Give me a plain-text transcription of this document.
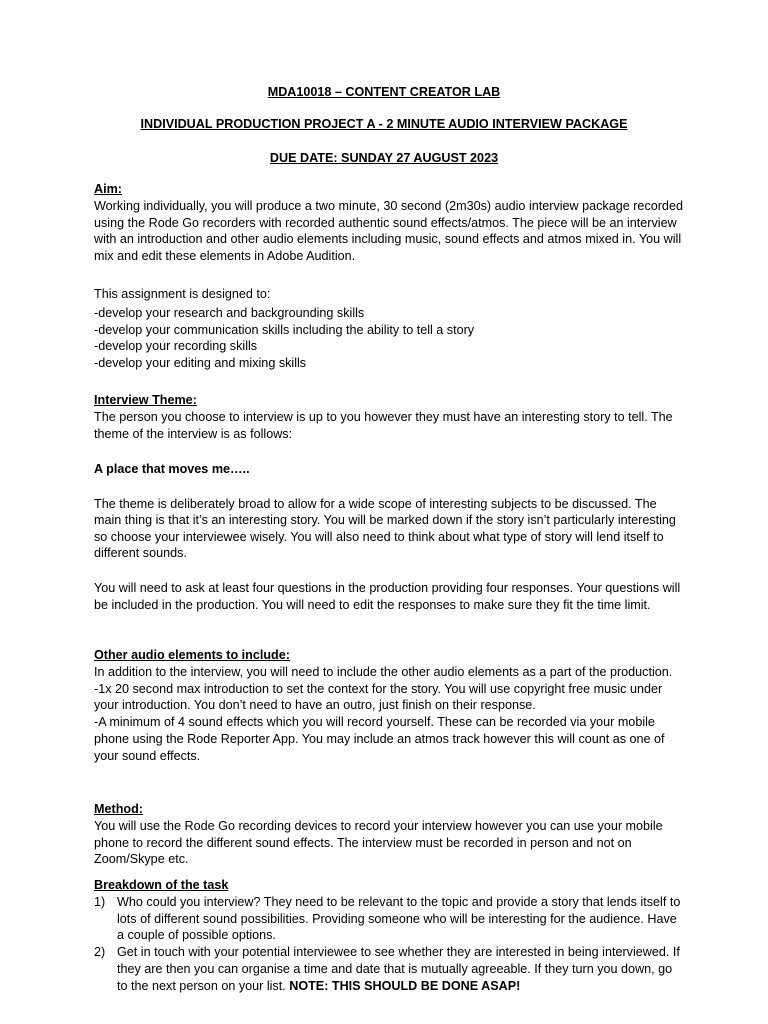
MDA10018 – CONTENT CREATOR LAB

INDIVIDUAL PRODUCTION PROJECT A - 2 MINUTE AUDIO INTERVIEW PACKAGE

DUE DATE: SUNDAY 27 AUGUST 2023

Aim:

Working individually, you will produce a two minute, 30 second (2m30s) audio interview package recorded using the Rode Go recorders with recorded authentic sound effects/atmos. The piece will be an interview with an introduction and other audio elements including music, sound effects and atmos mixed in. You will mix and edit these elements in Adobe Audition.

This assignment is designed to:

-develop your research and backgrounding skills

-develop your communication skills including the ability to tell a story

-develop your recording skills

-develop your editing and mixing skills

Interview Theme:

The person you choose to interview is up to you however they must have an interesting story to tell. The theme of the interview is as follows:

A place that moves me…..

The theme is deliberately broad to allow for a wide scope of interesting subjects to be discussed. The main thing is that it’s an interesting story. You will be marked down if the story isn’t particularly interesting so choose your interviewee wisely. You will also need to think about what type of story will lend itself to different sounds.

You will need to ask at least four questions in the production providing four responses. Your questions will be included in the production. You will need to edit the responses to make sure they fit the time limit.

Other audio elements to include:

In addition to the interview, you will need to include the other audio elements as a part of the production.

-1x 20 second max introduction to set the context for the story. You will use copyright free music under your introduction. You don’t need to have an outro, just finish on their response.

-A minimum of 4 sound effects which you will record yourself. These can be recorded via your mobile phone using the Rode Reporter App. You may include an atmos track however this will count as one of your sound effects.

Method:

You will use the Rode Go recording devices to record your interview however you can use your mobile phone to record the different sound effects. The interview must be recorded in person and not on Zoom/Skype etc.

Breakdown of the task

1) Who could you interview? They need to be relevant to the topic and provide a story that lends itself to lots of different sound possibilities. Providing someone who will be interesting for the audience. Have a couple of possible options.
2) Get in touch with your potential interviewee to see whether they are interested in being interviewed. If they are then you can organise a time and date that is mutually agreeable. If they turn you down, go to the next person on your list. NOTE: THIS SHOULD BE DONE ASAP!
